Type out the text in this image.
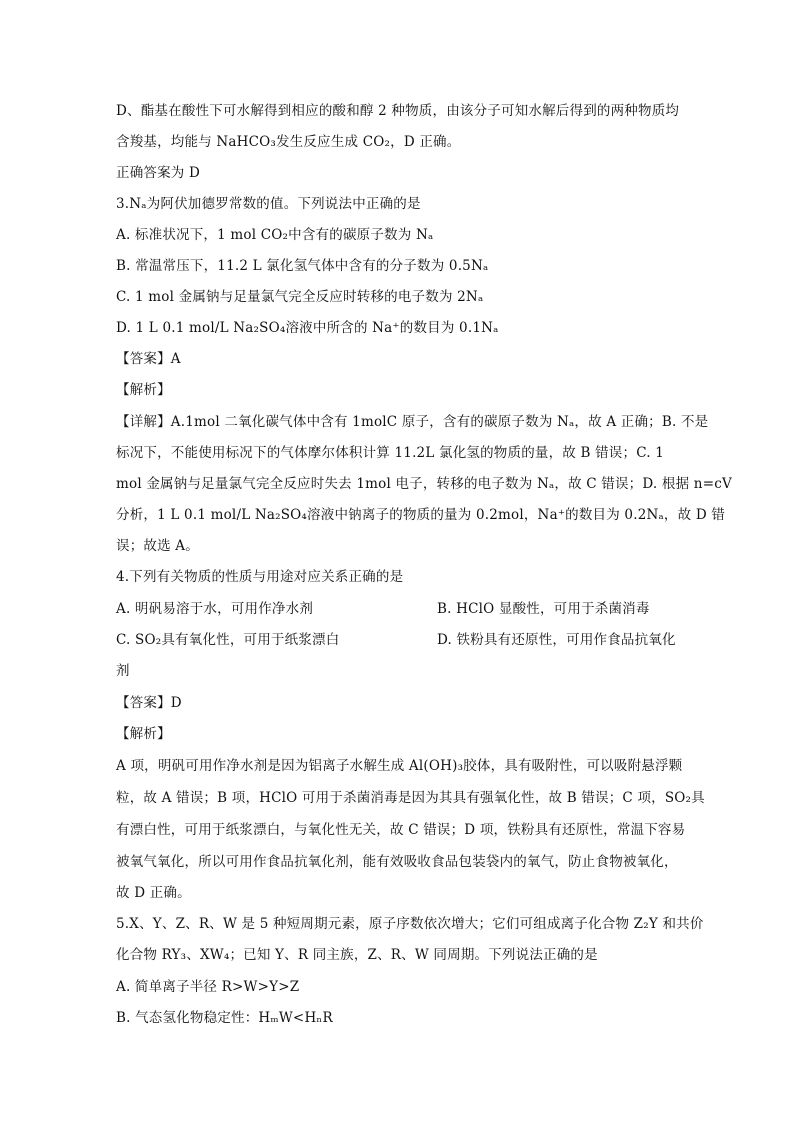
D、酯基在酸性下可水解得到相应的酸和醇 2 种物质，由该分子可知水解后得到的两种物质均
含羧基，均能与 NaHCO₃发生反应生成 CO₂，D 正确。
正确答案为 D
3.Nₐ为阿伏加德罗常数的值。下列说法中正确的是
A. 标准状况下，1 mol CO₂中含有的碳原子数为 Nₐ
B. 常温常压下，11.2 L 氯化氢气体中含有的分子数为 0.5Nₐ
C. 1 mol 金属钠与足量氯气完全反应时转移的电子数为 2Nₐ
D. 1 L 0.1 mol/L Na₂SO₄溶液中所含的 Na⁺的数目为 0.1Nₐ
【答案】A
【解析】
【详解】A.1mol 二氧化碳气体中含有 1molC 原子，含有的碳原子数为 Nₐ，故 A 正确；B. 不是
标况下，不能使用标况下的气体摩尔体积计算 11.2L 氯化氢的物质的量，故 B 错误；C. 1
mol 金属钠与足量氯气完全反应时失去 1mol 电子，转移的电子数为 Nₐ，故 C 错误；D. 根据 n=cV
分析，1 L 0.1 mol/L Na₂SO₄溶液中钠离子的物质的量为 0.2mol，Na⁺的数目为 0.2Nₐ，故 D 错
误；故选 A。
4.下列有关物质的性质与用途对应关系正确的是
A. 明矾易溶于水，可用作净水剂	B. HClO 显酸性，可用于杀菌消毒
C. SO₂具有氧化性，可用于纸浆漂白	D. 铁粉具有还原性，可用作食品抗氧化
剂
【答案】D
【解析】
A 项，明矾可用作净水剂是因为铝离子水解生成 Al(OH)₃胶体，具有吸附性，可以吸附悬浮颗
粒，故 A 错误；B 项，HClO 可用于杀菌消毒是因为其具有强氧化性，故 B 错误；C 项，SO₂具
有漂白性，可用于纸浆漂白，与氧化性无关，故 C 错误；D 项，铁粉具有还原性，常温下容易
被氧气氧化，所以可用作食品抗氧化剂，能有效吸收食品包装袋内的氧气，防止食物被氧化，
故 D 正确。
5.X、Y、Z、R、W 是 5 种短周期元素，原子序数依次增大；它们可组成离子化合物 Z₂Y 和共价
化合物 RY₃、XW₄；已知 Y、R 同主族，Z、R、W 同周期。下列说法正确的是
A. 简单离子半径 R>W>Y>Z
B. 气态氢化物稳定性：HₘW<HₙR
